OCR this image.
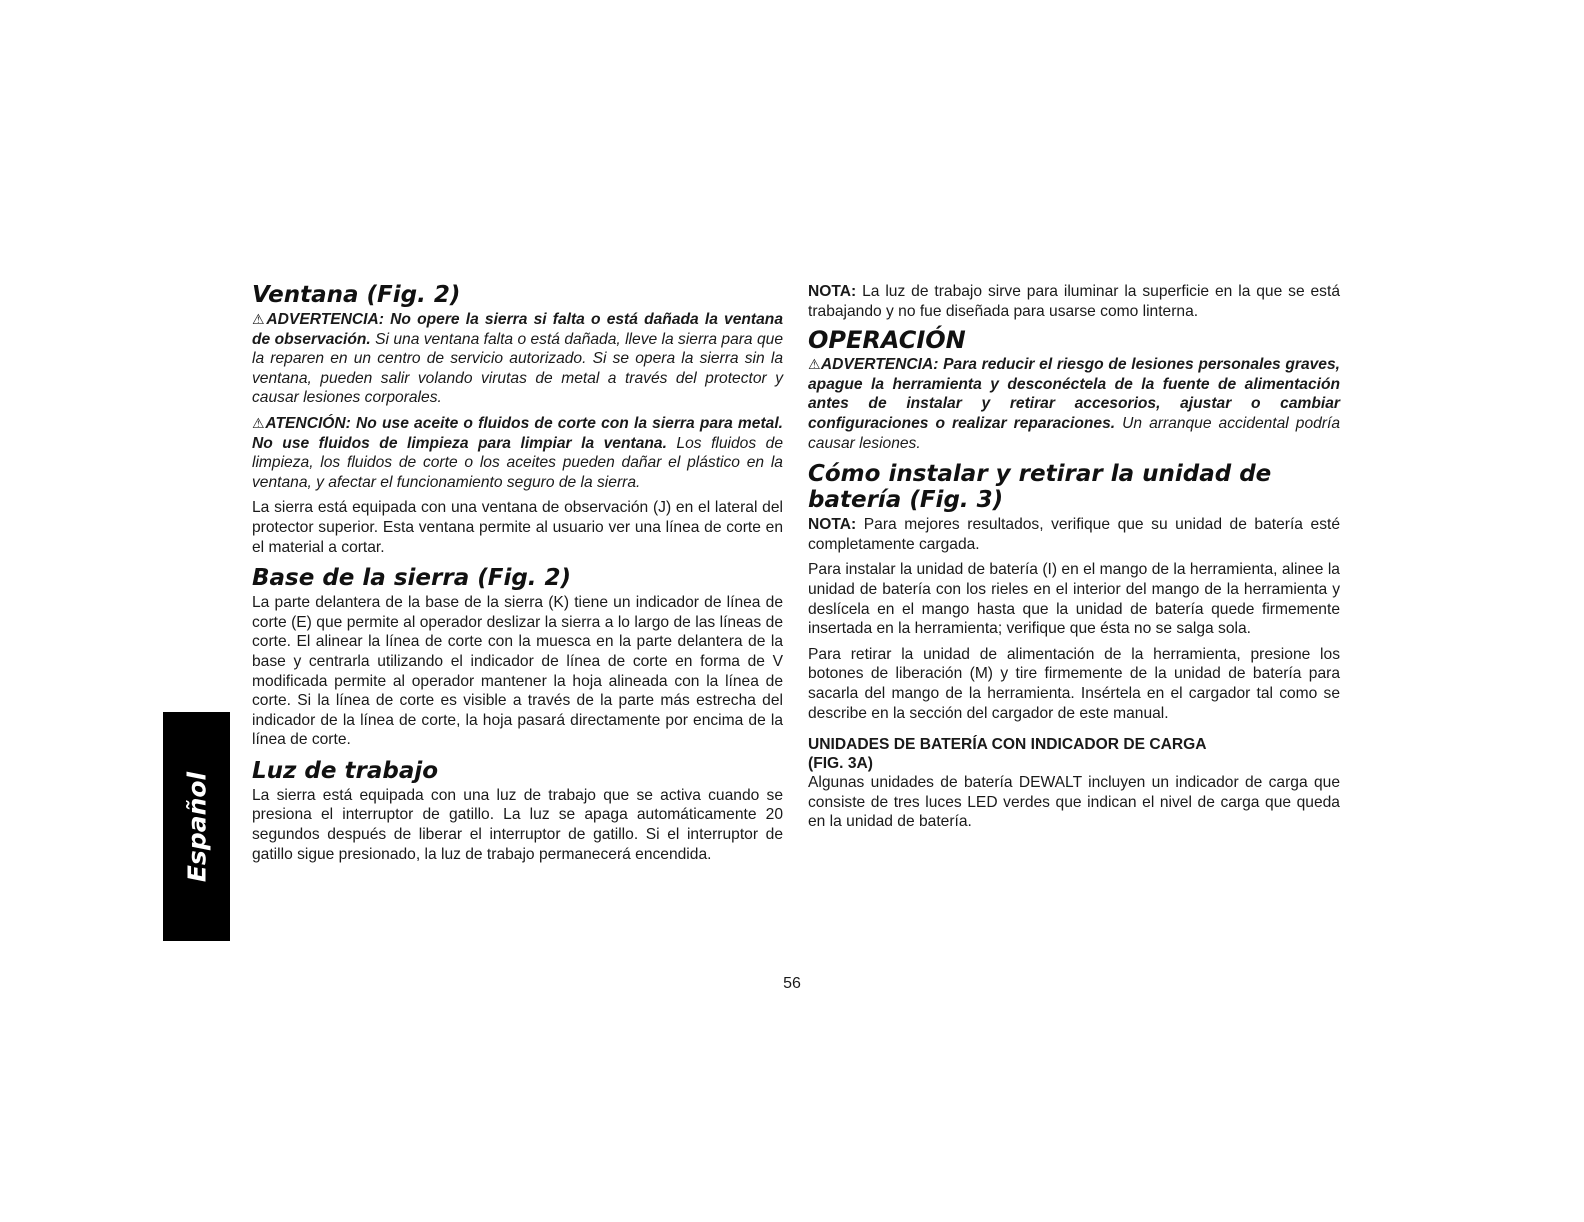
Español
Ventana (Fig. 2)

⚠ADVERTENCIA: No opere la sierra si falta o está dañada la ventana de observación. Si una ventana falta o está dañada, lleve la sierra para que la reparen en un centro de servicio autorizado. Si se opera la sierra sin la ventana, pueden salir volando virutas de metal a través del protector y causar lesiones corporales.

⚠ATENCIÓN: No use aceite o fluidos de corte con la sierra para metal. No use fluidos de limpieza para limpiar la ventana. Los fluidos de limpieza, los fluidos de corte o los aceites pueden dañar el plástico en la ventana, y afectar el funcionamiento seguro de la sierra.

La sierra está equipada con una ventana de observación (J) en el lateral del protector superior. Esta ventana permite al usuario ver una línea de corte en el material a cortar.

Base de la sierra (Fig. 2)

La parte delantera de la base de la sierra (K) tiene un indicador de línea de corte (E) que permite al operador deslizar la sierra a lo largo de las líneas de corte. El alinear la línea de corte con la muesca en la parte delantera de la base y centrarla utilizando el indicador de línea de corte en forma de V modificada permite al operador mantener la hoja alineada con la línea de corte. Si la línea de corte es visible a través de la parte más estrecha del indicador de la línea de corte, la hoja pasará directamente por encima de la línea de corte.

Luz de trabajo

La sierra está equipada con una luz de trabajo que se activa cuando se presiona el interruptor de gatillo. La luz se apaga automáticamente 20 segundos después de liberar el interruptor de gatillo. Si el interruptor de gatillo sigue presionado, la luz de trabajo permanecerá encendida.

NOTA: La luz de trabajo sirve para iluminar la superficie en la que se está trabajando y no fue diseñada para usarse como linterna.

OPERACIÓN

⚠ADVERTENCIA: Para reducir el riesgo de lesiones personales graves, apague la herramienta y desconéctela de la fuente de alimentación antes de instalar y retirar accesorios, ajustar o cambiar configuraciones o realizar reparaciones. Un arranque accidental podría causar lesiones.

Cómo instalar y retirar la unidad de batería (Fig. 3)

NOTA: Para mejores resultados, verifique que su unidad de batería esté completamente cargada.

Para instalar la unidad de batería (I) en el mango de la herramienta, alinee la unidad de batería con los rieles en el interior del mango de la herramienta y deslícela en el mango hasta que la unidad de batería quede firmemente insertada en la herramienta; verifique que ésta no se salga sola.

Para retirar la unidad de alimentación de la herramienta, presione los botones de liberación (M) y tire firmemente de la unidad de batería para sacarla del mango de la herramienta. Insértela en el cargador tal como se describe en la sección del cargador de este manual.

UNIDADES DE BATERÍA CON INDICADOR DE CARGA
(FIG. 3A)

Algunas unidades de batería DEWALT incluyen un indicador de carga que consiste de tres luces LED verdes que indican el nivel de carga que queda en la unidad de batería.

56
